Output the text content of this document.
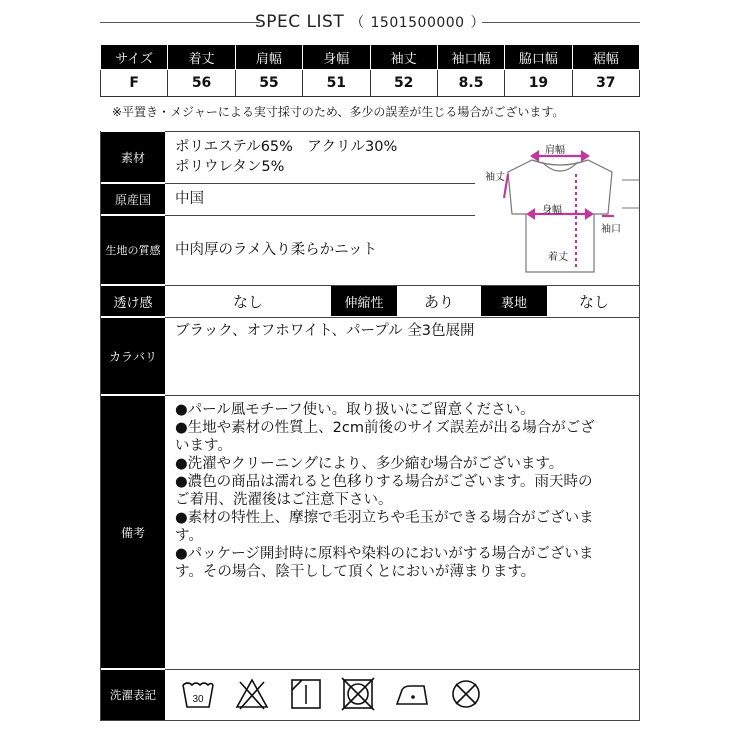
SPEC LIST （ 1501500000 ）
サイズ	着丈	肩幅	身幅	袖丈	袖口幅	脇口幅	裾幅
F	56	55	51	52	8.5	19	37
※平置き・メジャーによる実寸採寸のため、多少の誤差が生じる場合がございます。
素材
ポリエステル65%　アクリル30%
ポリウレタン5%
原産国	中国
生地の質感	中肉厚のラメ入り柔らかニット
肩幅
袖丈
身幅
袖口
着丈
透け感	なし	伸縮性	あり	裏地	なし
カラバリ
ブラック、オフホワイト、パープル 全3色展開
備考
●パール風モチーフ使い。取り扱いにご留意ください。
●生地や素材の性質上、2cm前後のサイズ誤差が出る場合がござ
います。
●洗濯やクリーニングにより、多少縮む場合がございます。
●濃色の商品は濡れると色移りする場合がございます。雨天時の
ご着用、洗濯後はご注意下さい。
●素材の特性上、摩擦で毛羽立ちや毛玉ができる場合がございま
す。
●パッケージ開封時に原料や染料のにおいがする場合がございま
す。その場合、陰干しして頂くとにおいが薄まります。
洗濯表記	30
